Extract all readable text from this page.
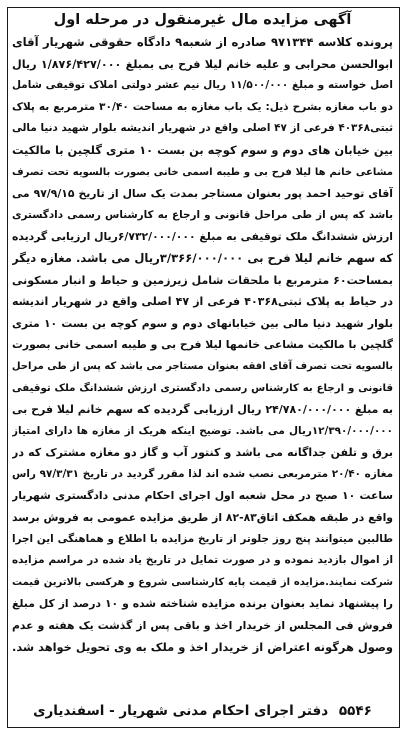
آگهی مزایده مال غیرمنقول در مرحله اول
پرونده کلاسه ۹۷۱۳۴۴ صادره از شعبه۹ دادگاه حقوقی شهریار آقای
ابوالحسن محرابی و علیه خانم لیلا فرح بی بمبلغ ۱/۸۷۶/۴۲۷/۰۰۰ ریال
اصل خواسته و مبلغ ۱۱/۵۰۰/۰۰۰ ریال نیم عشر دولتی املاک توقیفی شامل
دو باب مغازه بشرح ذیل: یک باب مغازه به مساحت ۳۰/۴۰ مترمربع به پلاک
ثبتی۴۰۳۶۸ فرعی از ۴۷ اصلی واقع در شهریار اندیشه بلوار شهید دنیا مالی
بین خیابان های دوم و سوم کوچه بن بست ۱۰ متری گلچین با مالکیت
مشاعی خانم ها لیلا فرح بی و طیبه اسمی خانی بصورت بالسویه تحت تصرف
آقای توحید احمد پور بعنوان مستاجر بمدت یک سال از تاریخ ۹۷/۹/۱۵ می
باشد که پس از طی مراحل قانونی و ارجاع به کارشناس رسمی دادگستری
ارزش ششدانگ ملک توقیفی به مبلغ ۶/۷۳۲/۰۰۰/۰۰۰ریال ارزیابی گردیده
که سهم خانم لیلا فرح بی ۳/۳۶۶/۰۰۰/۰۰۰ریال می باشد. مغازه دیگر
بمساحت۶۰ مترمربع با ملحقات شامل زیرزمین و حیاط و انبار مسکونی
در حیاط به پلاک ثبتی۴۰۳۶۸ فرعی از ۴۷ اصلی واقع در شهریار اندیشه
بلوار شهید دنیا مالی بین خیابانهای دوم و سوم کوچه بن بست ۱۰ متری
گلچین با مالکیت مشاعی خانمها لیلا فرح بی و طیبه اسمی خانی بصورت
بالسویه تحت تصرف آقای افقه بعنوان مستاجر می باشد که پس از طی مراحل
قانونی و ارجاع به کارشناس رسمی دادگستری ارزش ششدانگ ملک توقیفی
به مبلغ ۲۴/۷۸۰/۰۰۰/۰۰۰ ریال ارزیابی گردیده که سهم خانم لیلا فرح بی
۱۲/۳۹۰/۰۰۰/۰۰۰ریال می باشد. توضیح اینکه هریک از مغازه ها دارای امتیاز
برق و تلفن جداگانه می باشد و کنتور آب و گاز دو مغازه مشترک که در
مغازه ۲۰/۴۰ مترمربعی نصب شده اند لذا مقرر گردید در تاریخ ۹۷/۳/۳۱ راس
ساعت ۱۰ صبح در محل شعبه اول اجرای احکام مدنی دادگستری شهریار
واقع در طبقه همکف اتاق۸۳-۸۲ از طریق مزایده عمومی به فروش برسد
طالبین میتوانند پنج روز جلوتر از تاریخ مزایده با اطلاع و هماهنگی این اجرا
از اموال بازدید نموده و در صورت تمایل در تاریخ یاد شده در مراسم مزایده
شرکت نمایند.مزایده از قیمت پایه کارشناسی شروع و هرکسی بالاترین قیمت
را پیشنهاد نماید بعنوان برنده مزایده شناخته شده و ۱۰ درصد از کل مبلغ
فروش فی المجلس از خریدار اخذ و باقی پس از گذشت یک هفته و عدم
وصول هرگونه اعتراض از خریدار اخذ و ملک به وی تحویل خواهد شد.
۵۵۴۶ دفتر اجرای احکام مدنی شهریار - اسفندیاری
